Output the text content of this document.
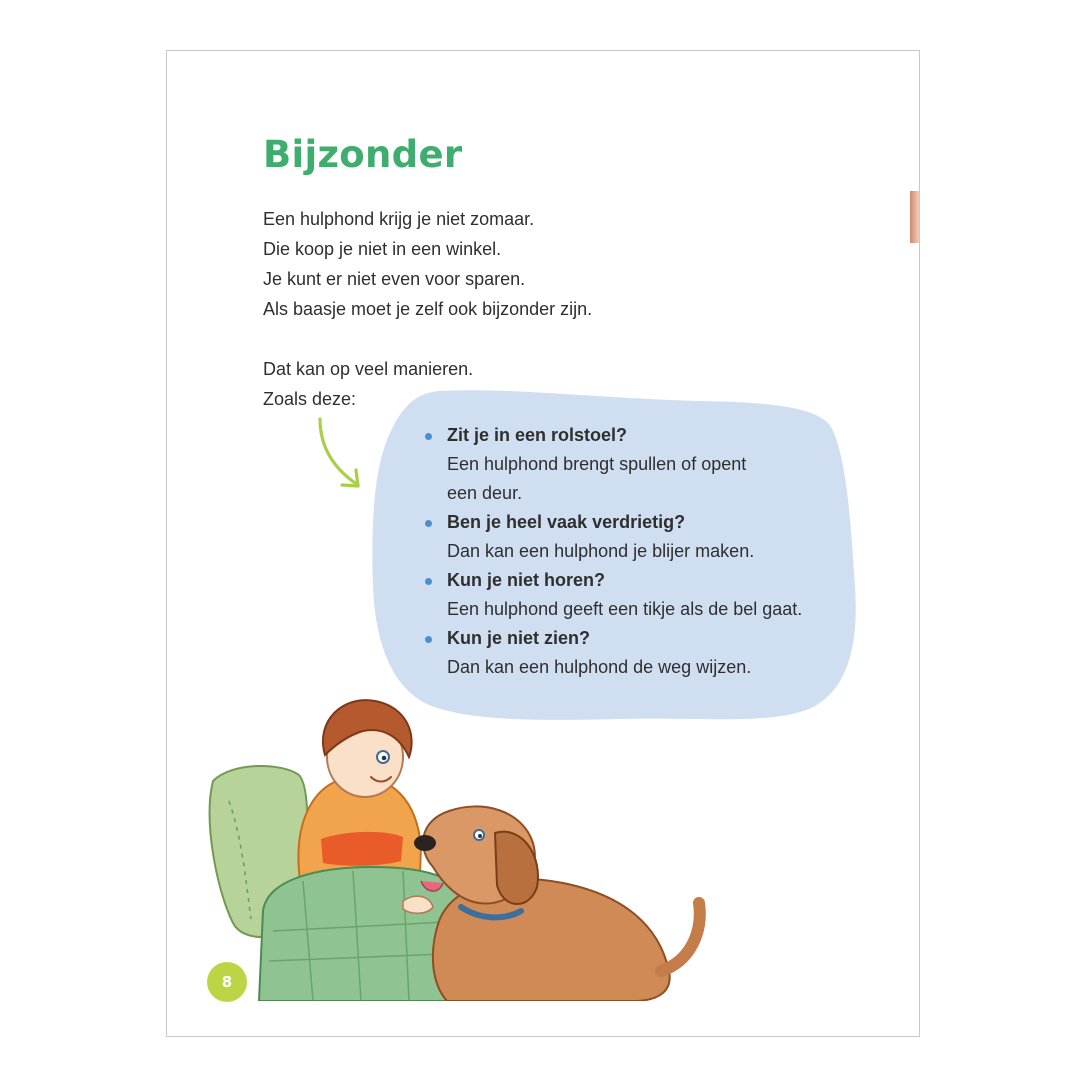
Bijzonder

Een hulphond krijg je niet zomaar.

Die koop je niet in een winkel.

Je kunt er niet even voor sparen.

Als baasje moet je zelf ook bijzonder zijn.

Dat kan op veel manieren.

Zoals deze:

Zit je in een rolstoel?
Een hulphond brengt spullen of opent
een deur.
Ben je heel vaak verdrietig?
Dan kan een hulphond je blijer maken.
Kun je niet horen?
Een hulphond geeft een tikje als de bel gaat.
Kun je niet zien?
Dan kan een hulphond de weg wijzen.
8
